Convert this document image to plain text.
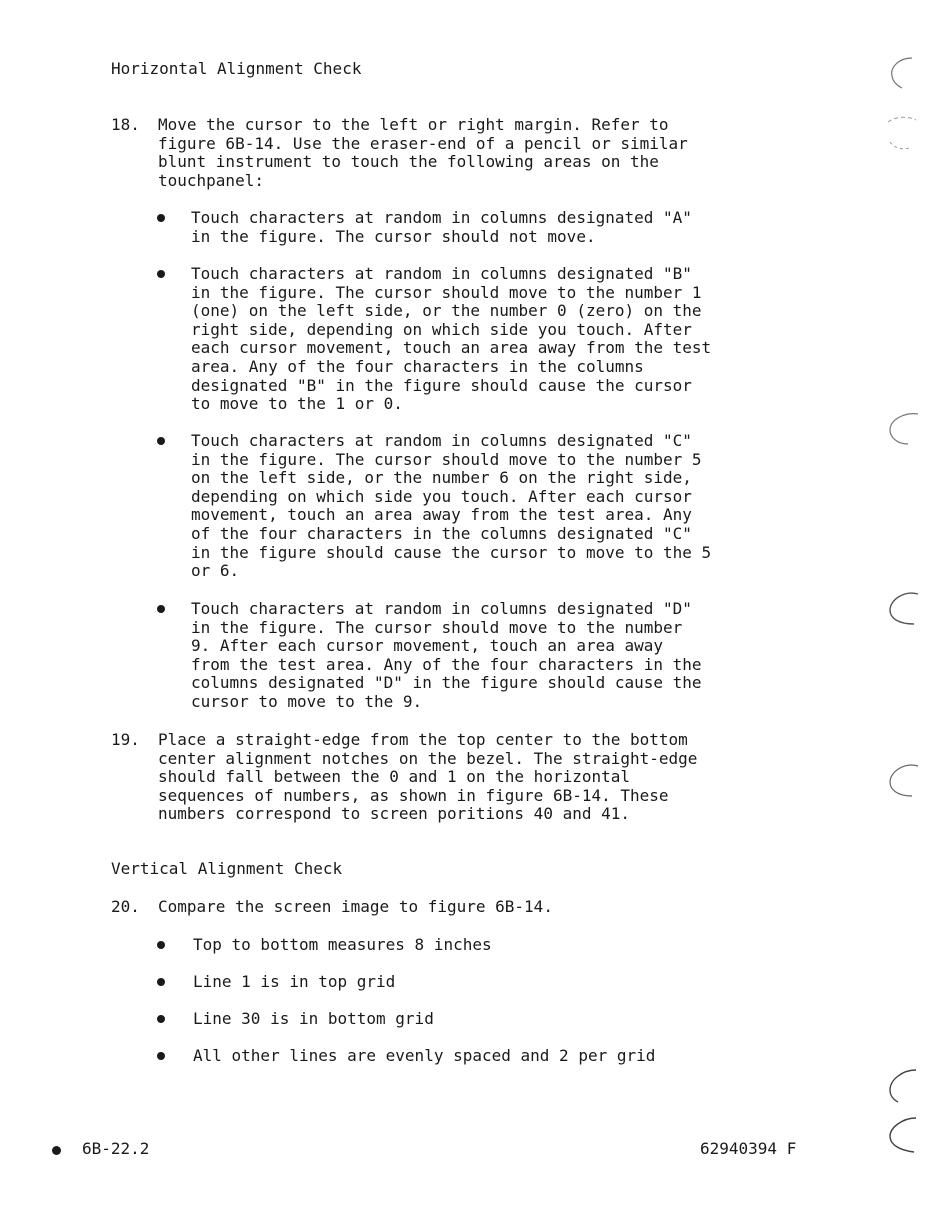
Horizontal Alignment Check
18. Move the cursor to the left or right margin. Refer to
figure 6B-14. Use the eraser-end of a pencil or similar
blunt instrument to touch the following areas on the
touchpanel:
Touch characters at random in columns designated "A"
in the figure. The cursor should not move.
Touch characters at random in columns designated "B"
in the figure. The cursor should move to the number 1
(one) on the left side, or the number 0 (zero) on the
right side, depending on which side you touch. After
each cursor movement, touch an area away from the test
area. Any of the four characters in the columns
designated "B" in the figure should cause the cursor
to move to the 1 or 0.
Touch characters at random in columns designated "C"
in the figure. The cursor should move to the number 5
on the left side, or the number 6 on the right side,
depending on which side you touch. After each cursor
movement, touch an area away from the test area. Any
of the four characters in the columns designated "C"
in the figure should cause the cursor to move to the 5
or 6.
Touch characters at random in columns designated "D"
in the figure. The cursor should move to the number
9. After each cursor movement, touch an area away
from the test area. Any of the four characters in the
columns designated "D" in the figure should cause the
cursor to move to the 9.
19. Place a straight-edge from the top center to the bottom
center alignment notches on the bezel. The straight-edge
should fall between the 0 and 1 on the horizontal
sequences of numbers, as shown in figure 6B-14. These
numbers correspond to screen poritions 40 and 41.
Vertical Alignment Check
20. Compare the screen image to figure 6B-14.
Top to bottom measures 8 inches
Line 1 is in top grid
Line 30 is in bottom grid
All other lines are evenly spaced and 2 per grid
6B-22.2	62940394 F
